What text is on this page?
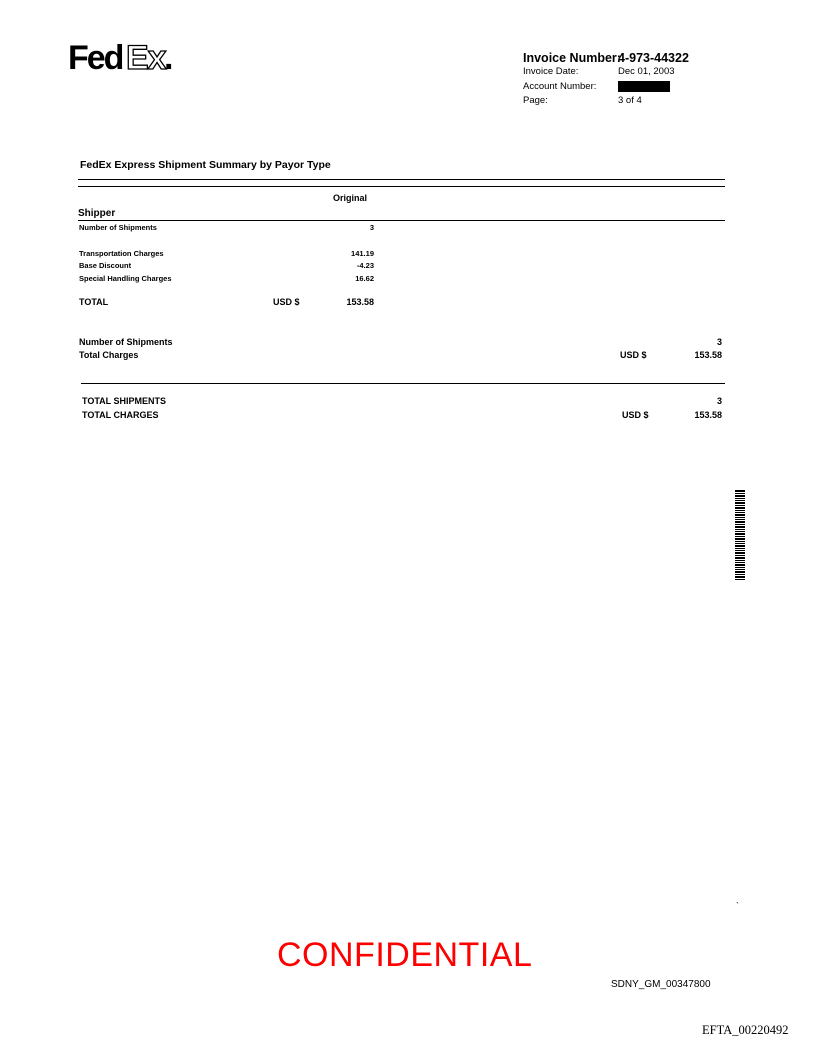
Fed Ex
.	Invoice Number:
4-973-44322
Invoice Date:	Dec 01, 2003
Account Number:
Page:	3 of 4
FedEx Express Shipment Summary by Payor Type
Original
Shipper
Number of Shipments	3
Transportation Charges	141.19
Base Discount	-4.23
Special Handling Charges	16.62
TOTAL	USD $	153.58
Number of Shipments	3
Total Charges	USD $	153.58
TOTAL SHIPMENTS	3
TOTAL CHARGES	USD $	153.58
`
CONFIDENTIAL
SDNY_GM_00347800
EFTA_00220492
